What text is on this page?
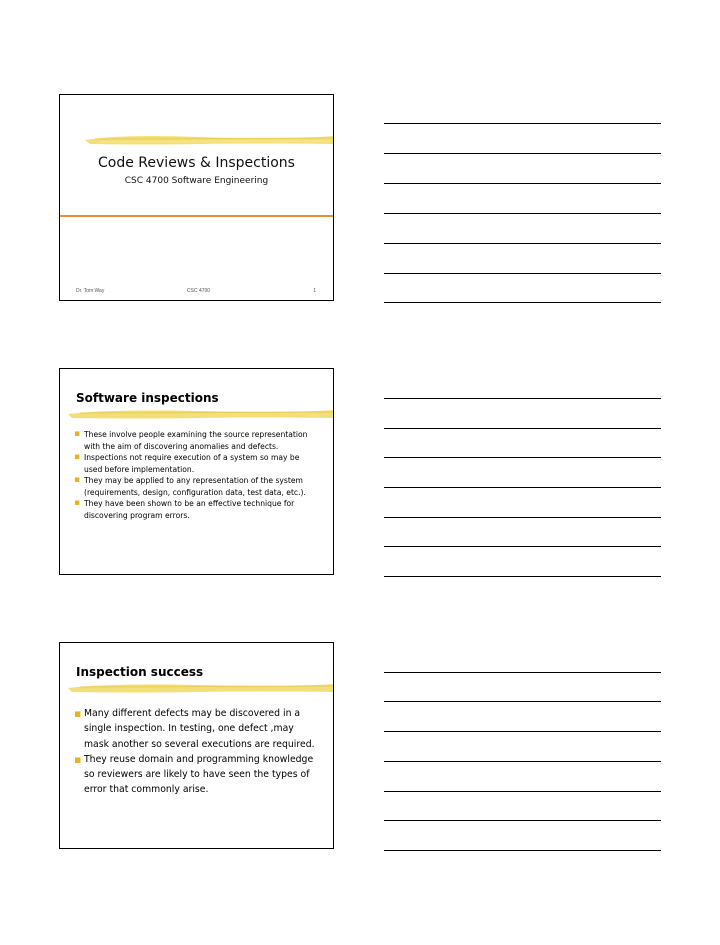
Code Reviews & Inspections
CSC 4700 Software Engineering
Dr. Tom Way	CSC 4700	1
Software inspections
▪ These involve people examining the source representation with the aim of discovering anomalies and defects.
▪ Inspections not require execution of a system so may be used before implementation.
▪ They may be applied to any representation of the system (requirements, design, configuration data, test data, etc.).
▪ They have been shown to be an effective technique for discovering program errors.
Inspection success
▪ Many different defects may be discovered in a single inspection. In testing, one defect ,may mask another so several executions are required.
▪ They reuse domain and programming knowledge so reviewers are likely to have seen the types of error that commonly arise.
